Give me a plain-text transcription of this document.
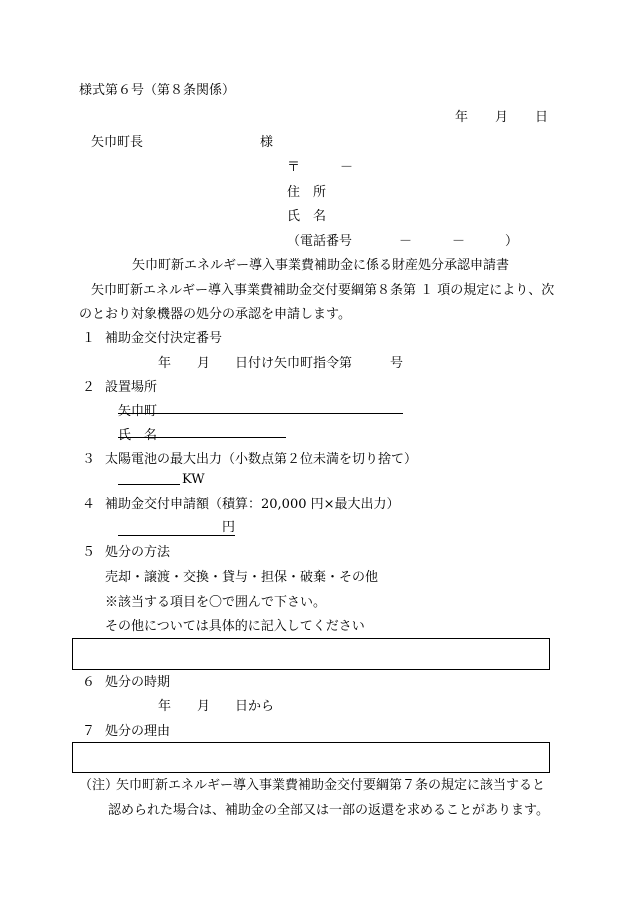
様式第６号（第８条関係）
年 月 日
矢巾町長	様
〒	－
住　所
氏　名
（電話番号	－	－	）
矢巾町新エネルギー導入事業費補助金に係る財産処分承認申請書
矢巾町新エネルギー導入事業費補助金交付要綱第８条第 １ 項の規定により、次
のとおり対象機器の処分の承認を申請します。
１ 補助金交付決定番号
年 月 日付け矢巾町指令第	号
２ 設置場所
矢巾町
氏　名
３ 太陽電池の最大出力（小数点第２位未満を切り捨て）
KW
４ 補助金交付申請額（積算：20,000 円×最大出力）
円
５ 処分の方法
売却・譲渡・交換・貸与・担保・破棄・その他
※該当する項目を〇で囲んで下さい。
その他については具体的に記入してください
６ 処分の時期
年 月 日から
７ 処分の理由
（注）
矢巾町新エネルギー導入事業費補助金交付要綱第７条の規定に該当すると
認められた場合は、補助金の全部又は一部の返還を求めることがあります。
